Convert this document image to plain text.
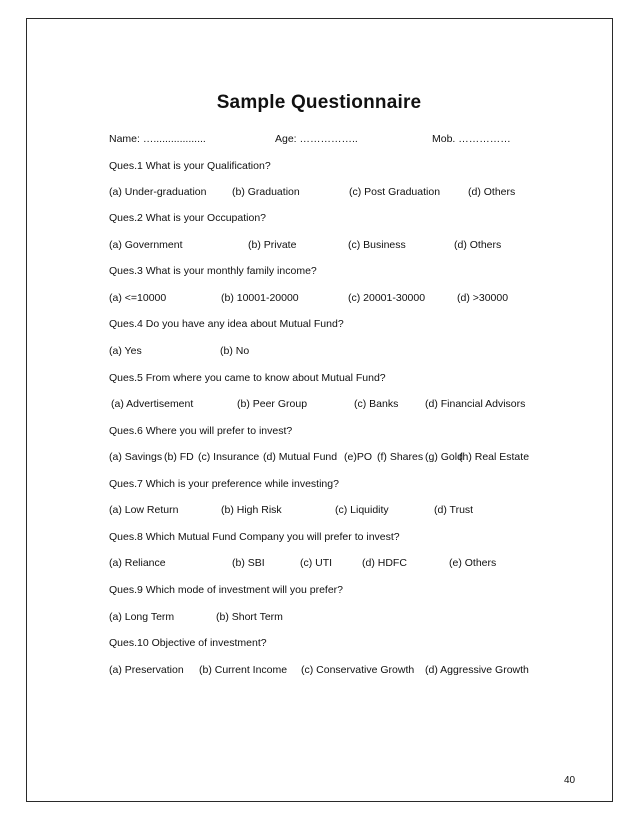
Sample Questionnaire
Name: …..................	Age: ……………..	Mob. ……………
Ques.1 What is your Qualification?
(a) Under-graduation (b) Graduation	(c) Post Graduation	(d) Others
Ques.2 What is your Occupation?
(a) Government	(b) Private	(c) Business	(d) Others
Ques.3 What is your monthly family income?
(a) <=10000	(b) 10001-20000	(c) 20001-30000	(d) >30000
Ques.4 Do you have any idea about Mutual Fund?
(a) Yes	(b) No
Ques.5 From where you came to know about Mutual Fund?
(a) Advertisement	(b) Peer Group	(c) Banks	(d) Financial Advisors
Ques.6 Where you will prefer to invest?
(a) Savings (b) FD (c) Insurance (d) Mutual Fund (e)PO (f) Shares (g) Gold
(h) Real Estate
Ques.7 Which is your preference while investing?
(a) Low Return	(b) High Risk	(c) Liquidity	(d) Trust
Ques.8 Which Mutual Fund Company you will prefer to invest?
(a) Reliance	(b) SBI	(c) UTI	(d) HDFC	(e) Others
Ques.9 Which mode of investment will you prefer?
(a) Long Term	(b) Short Term
Ques.10 Objective of investment?
(a) Preservation (b) Current Income (c) Conservative Growth (d) Aggressive Growth
40
